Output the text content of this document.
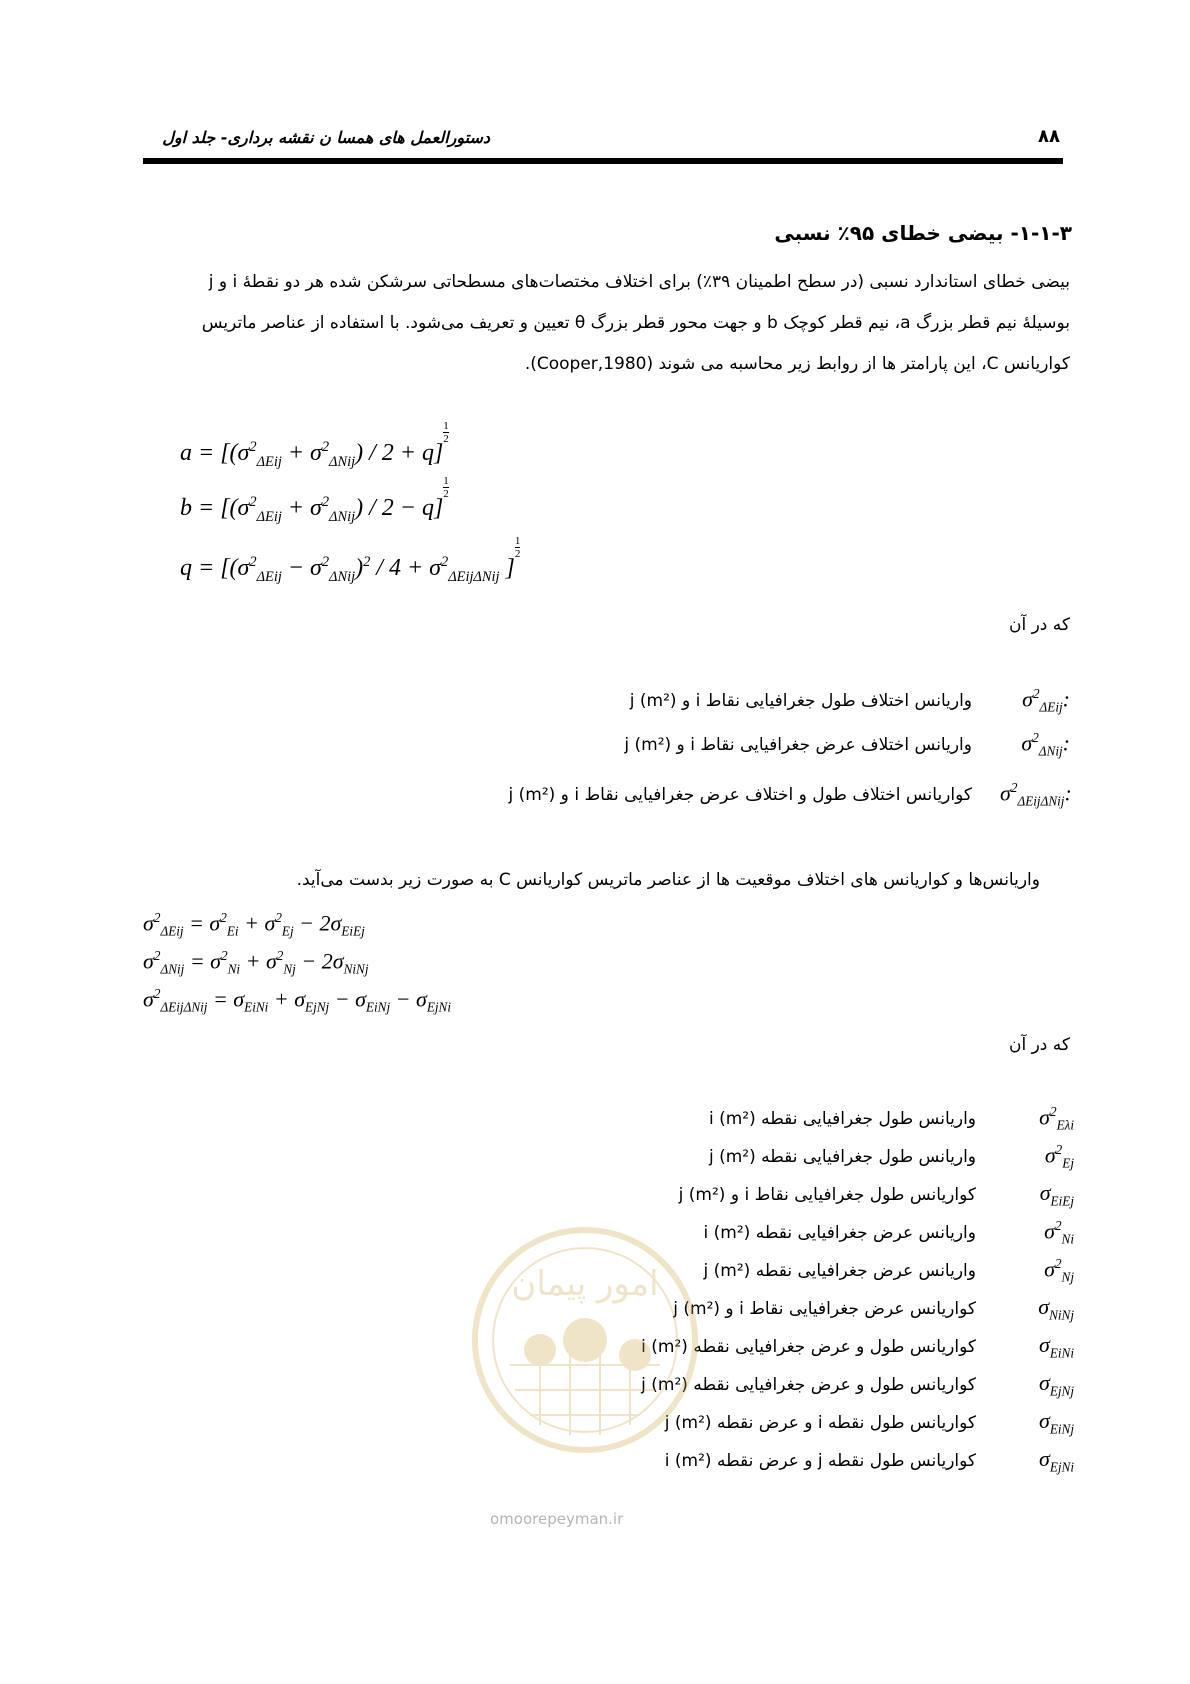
دستورالعمل های همسا ن نقشه برداری- جلد اول	۸۸
۱-۱-۳- بیضی خطای ۹۵٪ نسبی
بیضی خطای استاندارد نسبی (در سطح اطمینان ۳۹٪) برای اختلاف مختصات‌های مسطحاتی سرشکن شده هر دو نقطهٔ i و j
بوسیلهٔ نیم قطر بزرگ a، نیم قطر کوچک b و جهت محور قطر بزرگ θ تعیین و تعریف می‌شود. با استفاده از عناصر ماتریس
کواریانس C، این پارامتر ها از روابط زیر محاسبه می شوند (Cooper,1980).
$a = [(\sigma^2_{\Delta Eij} + \sigma^2_{\Delta Nij}) / 2 + q]\frac{1}{2}$
$b = [(\sigma^2_{\Delta Eij} + \sigma^2_{\Delta Nij}) / 2 - q]\frac{1}{2}$
$q = [(\sigma^2_{\Delta Eij} - \sigma^2_{\Delta Nij})^2 / 4 + \sigma^2_{\Delta Eij\Delta Nij}$ ]$\frac{1}{2}$
که در آن
$\sigma^2_{\Delta Eij}$:
واریانس اختلاف طول جغرافیایی نقاط i و j (m²)
$\sigma^2_{\Delta Nij}$:
واریانس اختلاف عرض جغرافیایی نقاط i و j (m²)
$\sigma^2_{\Delta Eij\Delta Nij}$:
کواریانس اختلاف طول و اختلاف عرض جغرافیایی نقاط i و j (m²)
واریانس‌ها و کواریانس های اختلاف موقعیت ها از عناصر ماتریس کواریانس C به صورت زیر بدست می‌آید.
$\sigma^2_{\Delta Eij} = \sigma^2_{Ei} + \sigma^2_{Ej} - 2\sigma_{EiEj}$
$\sigma^2_{\Delta Nij} = \sigma^2_{Ni} + \sigma^2_{Nj} - 2\sigma_{NiNj}$
$\sigma^2_{\Delta Eij\Delta Nij} = \sigma_{EiNi} + \sigma_{EjNj} - \sigma_{EiNj} - \sigma_{EjNi}$
که در آن
$\sigma^2_{E\lambda i}$
واریانس طول جغرافیایی نقطه i (m²)
$\sigma^2_{Ej}$
واریانس طول جغرافیایی نقطه j (m²)
$\sigma_{EiEj}$
کواریانس طول جغرافیایی نقاط i و j (m²)
$\sigma^2_{Ni}$
واریانس عرض جغرافیایی نقطه i (m²)
$\sigma^2_{Nj}$
واریانس عرض جغرافیایی نقطه j (m²)
$\sigma_{NiNj}$
کواریانس عرض جغرافیایی نقاط i و j (m²)
$\sigma_{EiNi}$
کواریانس طول و عرض جغرافیایی نقطه i (m²)
$\sigma_{EjNj}$
کواریانس طول و عرض جغرافیایی نقطه j (m²)
$\sigma_{EiNj}$
کواریانس طول نقطه i و عرض نقطه j (m²)
$\sigma_{EjNi}$
کواریانس طول نقطه j و عرض نقطه i (m²)
امور پیمان
omoorepeyman.ir
